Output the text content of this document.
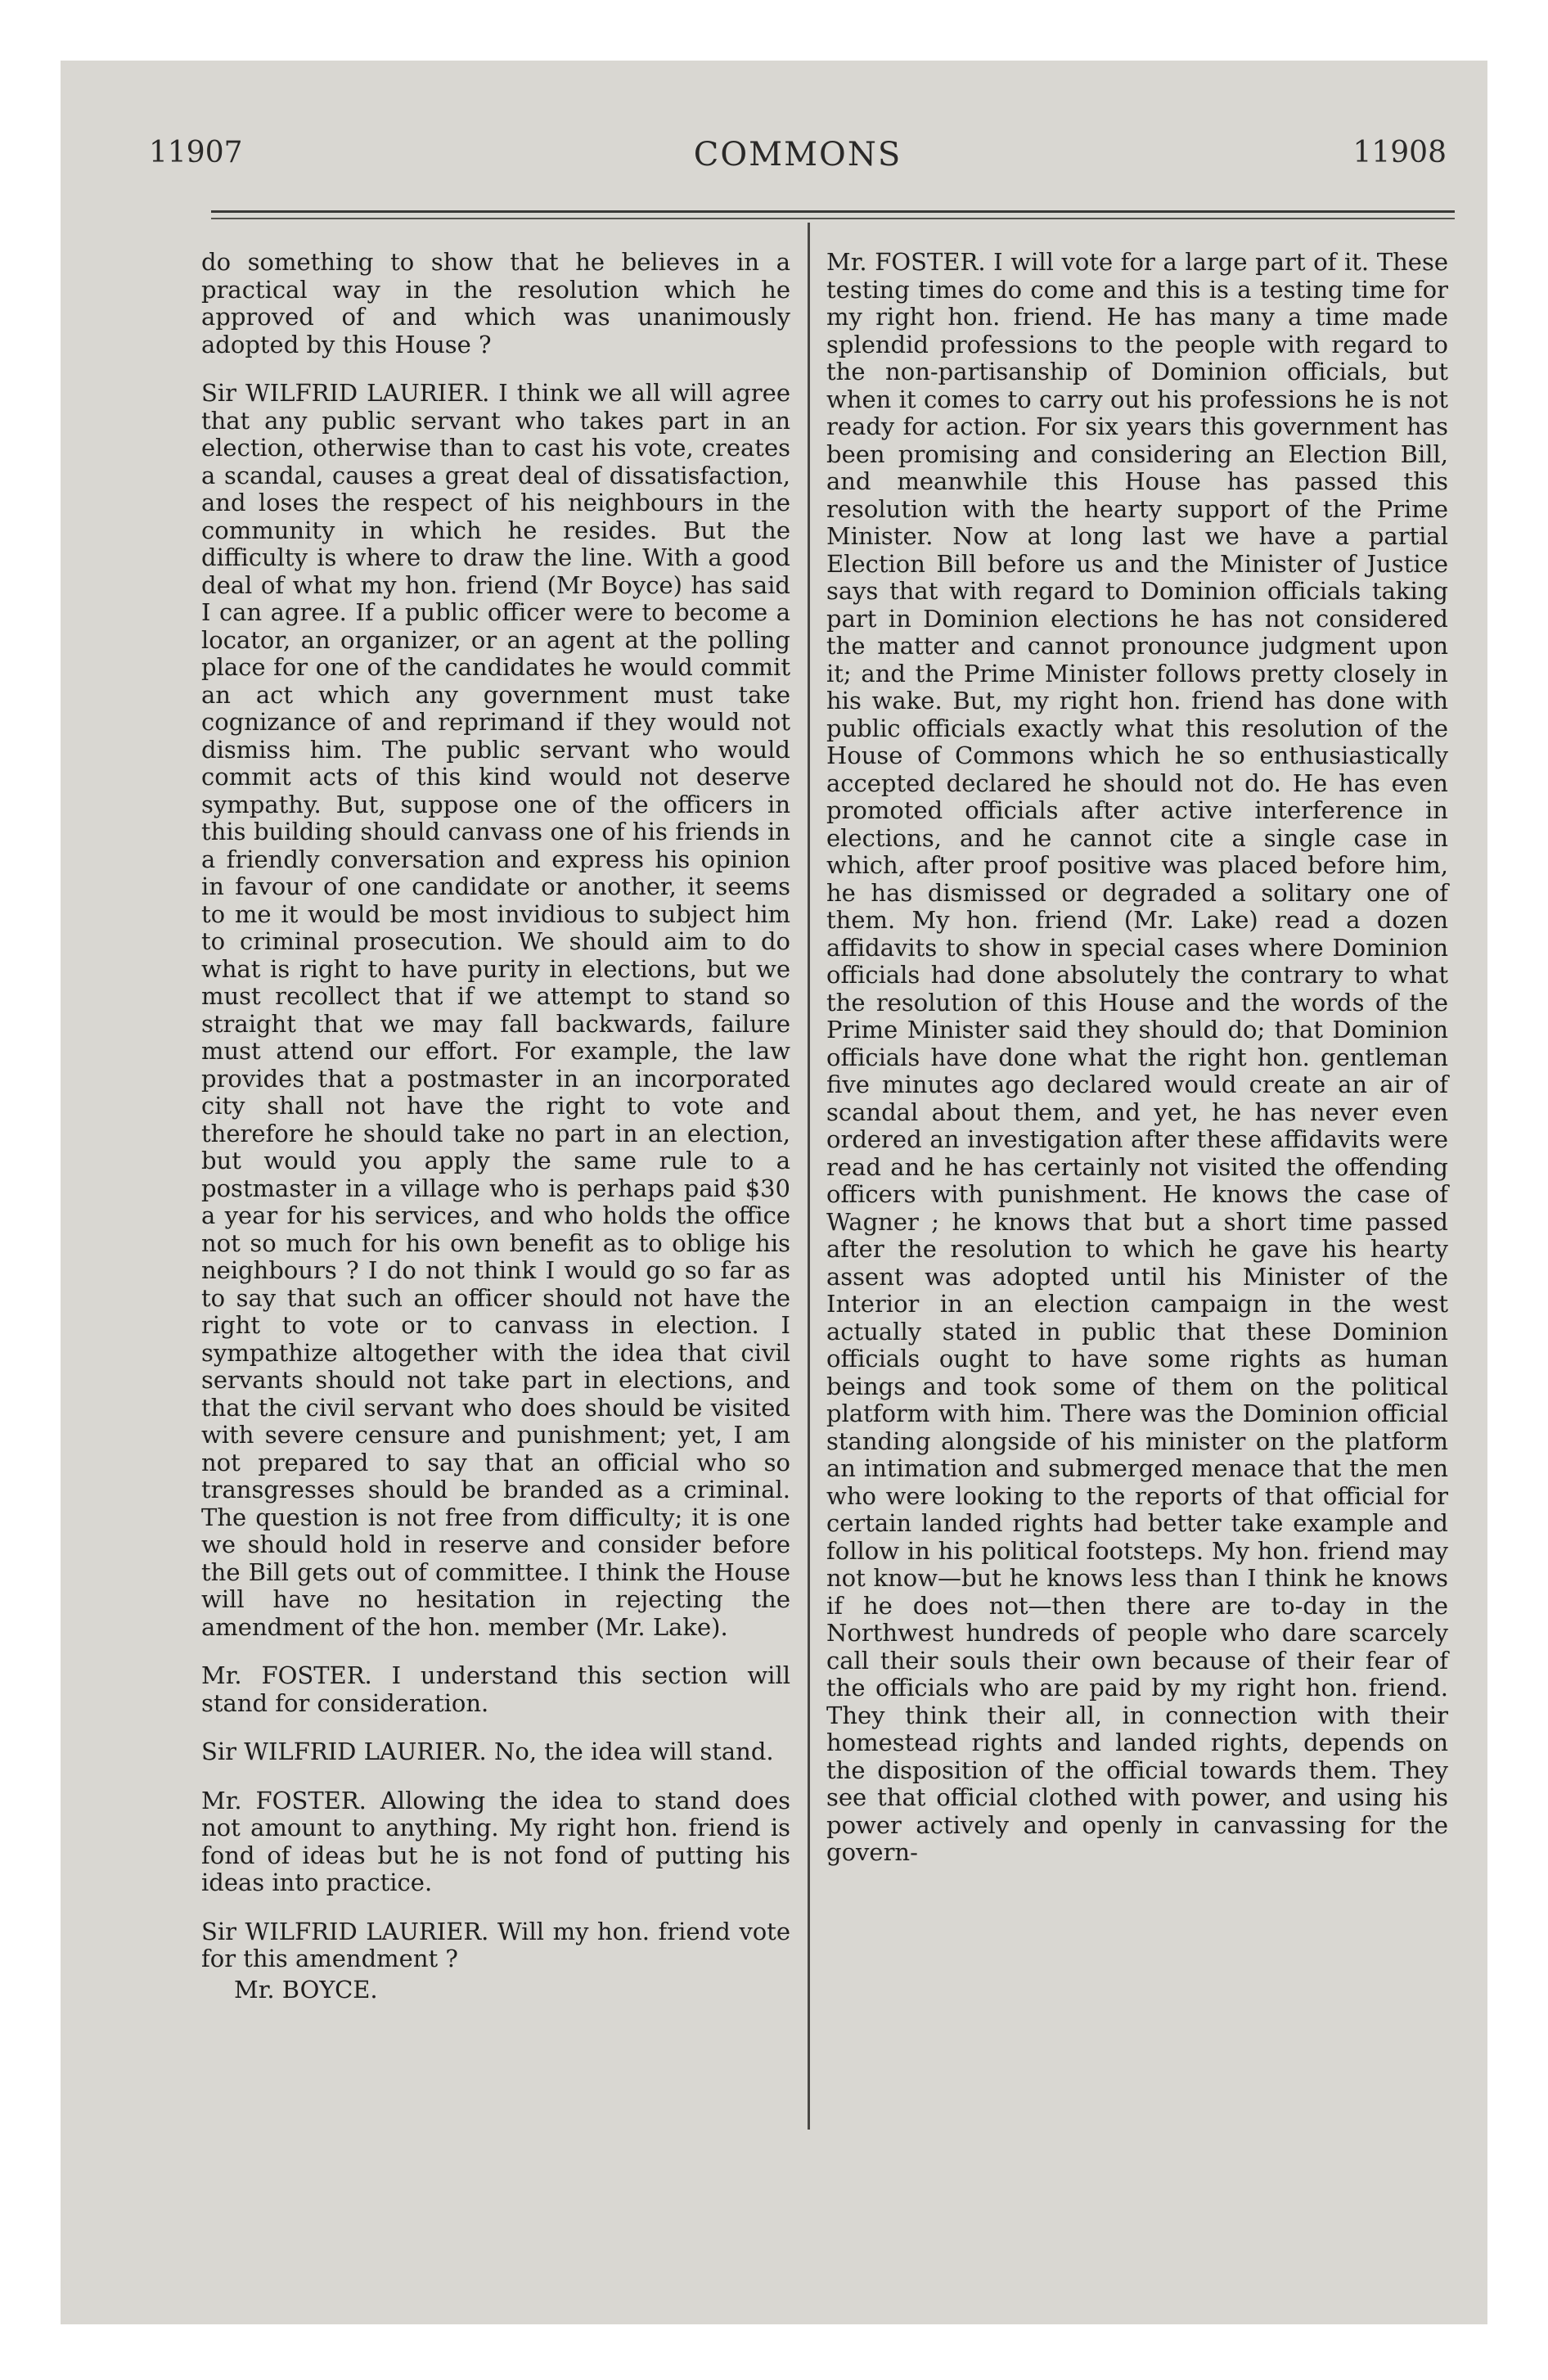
11907	COMMONS	11908

do something to show that he believes in a practical way in the resolution which he approved of and which was unanimously adopted by this House ?

Sir WILFRID LAURIER. I think we all will agree that any public servant who takes part in an election, otherwise than to cast his vote, creates a scandal, causes a great deal of dissatisfaction, and loses the respect of his neighbours in the community in which he resides. But the difficulty is where to draw the line. With a good deal of what my hon. friend (Mr Boyce) has said I can agree. If a public officer were to become a locator, an organizer, or an agent at the polling place for one of the candidates he would commit an act which any government must take cognizance of and reprimand if they would not dismiss him. The public servant who would commit acts of this kind would not deserve sympathy. But, suppose one of the officers in this building should canvass one of his friends in a friendly conversation and express his opinion in favour of one candidate or another, it seems to me it would be most invidious to subject him to criminal prosecution. We should aim to do what is right to have purity in elections, but we must recollect that if we attempt to stand so straight that we may fall backwards, failure must attend our effort. For example, the law provides that a postmaster in an incorporated city shall not have the right to vote and therefore he should take no part in an election, but would you apply the same rule to a postmaster in a village who is perhaps paid $30 a year for his services, and who holds the office not so much for his own benefit as to oblige his neighbours ? I do not think I would go so far as to say that such an officer should not have the right to vote or to canvass in election. I sympathize altogether with the idea that civil servants should not take part in elections, and that the civil servant who does should be visited with severe censure and punishment; yet, I am not prepared to say that an official who so transgresses should be branded as a criminal. The question is not free from difficulty; it is one we should hold in reserve and consider before the Bill gets out of committee. I think the House will have no hesitation in rejecting the amendment of the hon. member (Mr. Lake).

Mr. FOSTER. I understand this section will stand for consideration.

Sir WILFRID LAURIER. No, the idea will stand.

Mr. FOSTER. Allowing the idea to stand does not amount to anything. My right hon. friend is fond of ideas but he is not fond of putting his ideas into practice.

Sir WILFRID LAURIER. Will my hon. friend vote for this amendment ?

Mr. BOYCE.

Mr. FOSTER. I will vote for a large part of it. These testing times do come and this is a testing time for my right hon. friend. He has many a time made splendid professions to the people with regard to the non-partisanship of Dominion officials, but when it comes to carry out his professions he is not ready for action. For six years this government has been promising and considering an Election Bill, and meanwhile this House has passed this resolution with the hearty support of the Prime Minister. Now at long last we have a partial Election Bill before us and the Minister of Justice says that with regard to Dominion officials taking part in Dominion elections he has not considered the matter and cannot pronounce judgment upon it; and the Prime Minister follows pretty closely in his wake. But, my right hon. friend has done with public officials exactly what this resolution of the House of Commons which he so enthusiastically accepted declared he should not do. He has even promoted officials after active interference in elections, and he cannot cite a single case in which, after proof positive was placed before him, he has dismissed or degraded a solitary one of them. My hon. friend (Mr. Lake) read a dozen affidavits to show in special cases where Dominion officials had done absolutely the contrary to what the resolution of this House and the words of the Prime Minister said they should do; that Dominion officials have done what the right hon. gentleman five minutes ago declared would create an air of scandal about them, and yet, he has never even ordered an investigation after these affidavits were read and he has certainly not visited the offending officers with punishment. He knows the case of Wagner ; he knows that but a short time passed after the resolution to which he gave his hearty assent was adopted until his Minister of the Interior in an election campaign in the west actually stated in public that these Dominion officials ought to have some rights as human beings and took some of them on the political platform with him. There was the Dominion official standing alongside of his minister on the platform an intimation and submerged menace that the men who were looking to the reports of that official for certain landed rights had better take example and follow in his political footsteps. My hon. friend may not know—but he knows less than I think he knows if he does not—then there are to-day in the Northwest hundreds of people who dare scarcely call their souls their own because of their fear of the officials who are paid by my right hon. friend. They think their all, in connection with their homestead rights and landed rights, depends on the disposition of the official towards them. They see that official clothed with power, and using his power actively and openly in canvassing for the govern-
